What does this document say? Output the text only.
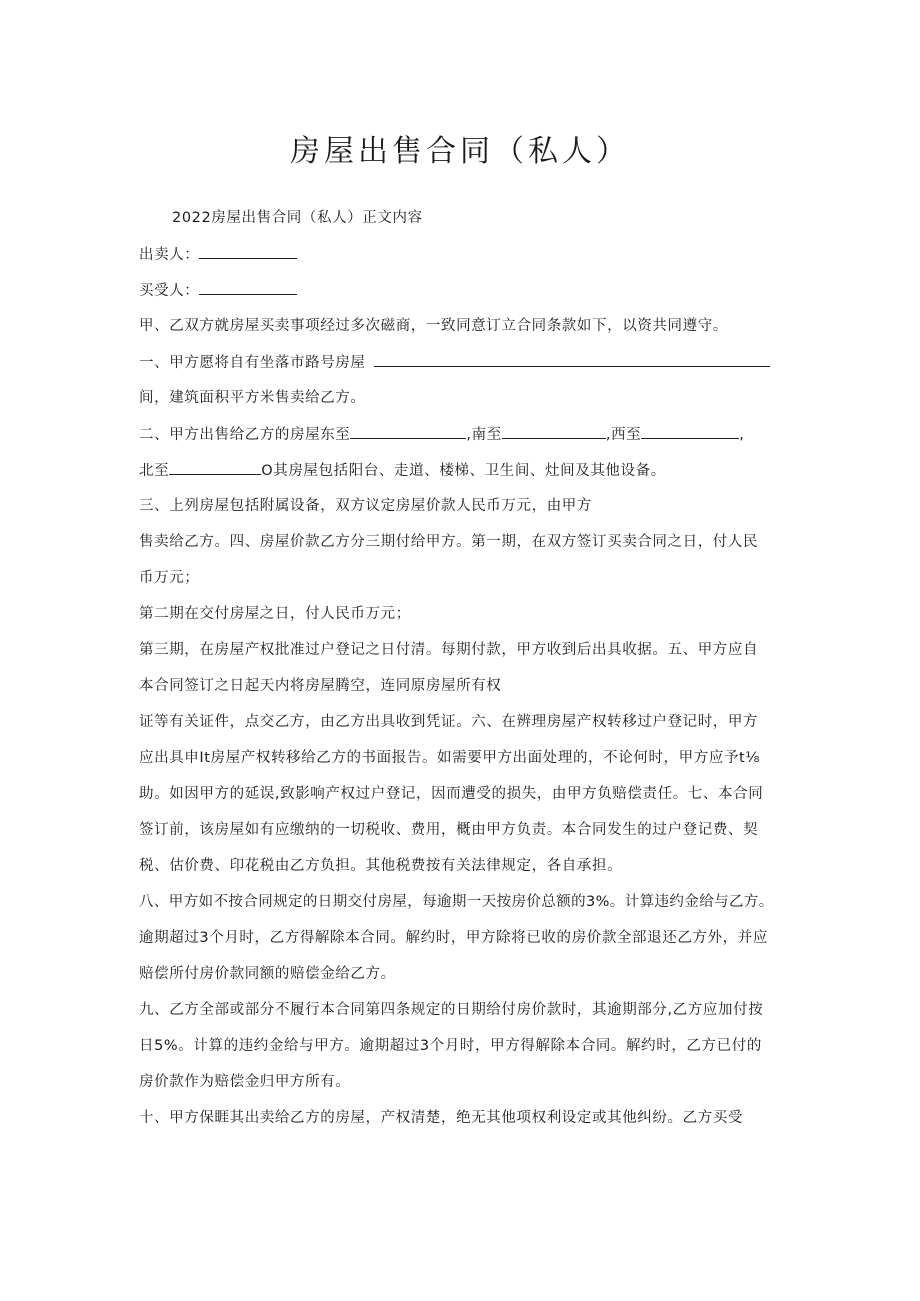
房屋出售合同（私人）
2022房屋出售合同（私人）正文内容
出卖人：
买受人：
甲、乙双方就房屋买卖事项经过多次磁商，一致同意订立合同条款如下，以资共同遵守。
一、甲方愿将自有坐落市路号房屋
间，建筑面积平方米售卖给乙方。
二、甲方出售给乙方的房屋东至	,南至	,西至	,
北至	O其房屋包括阳台、走道、楼梯、卫生间、灶间及其他设备。
三、上列房屋包括附属设备，双方议定房屋价款人民币万元，由甲方
售卖给乙方。四、房屋价款乙方分三期付给甲方。第一期，在双方签订买卖合同之日，付人民
币万元；
第二期在交付房屋之日，付人民币万元；
第三期，在房屋产权批准过户登记之日付清。每期付款，甲方收到后出具收据。五、甲方应自
本合同签订之日起天内将房屋腾空，连同原房屋所有权
证等有关证件，点交乙方，由乙方出具收到凭证。六、在辨理房屋产权转移过户登记时，甲方
应出具申It房屋产权转移给乙方的书面报告。如需要甲方出面处理的，不论何时，甲方应予t⅛
助。如因甲方的延误,致影响产权过户登记，因而遭受的损失，由甲方负赔偿责任。七、本合同
签订前，该房屋如有应缴纳的一切税收、费用，概由甲方负责。本合同发生的过户登记费、契
税、估价费、印花税由乙方负担。其他税费按有关法律规定，各自承担。
八、甲方如不按合同规定的日期交付房屋，每逾期一天按房价总额的3%。计算违约金给与乙方。
逾期超过3个月时，乙方得解除本合同。解约时，甲方除将已收的房价款全部退还乙方外，并应
赔偿所付房价款同额的赔偿金给乙方。
九、乙方全部或部分不履行本合同第四条规定的日期给付房价款时，其逾期部分,乙方应加付按
日5%。计算的违约金给与甲方。逾期超过3个月时，甲方得解除本合同。解约时，乙方已付的
房价款作为赔偿金归甲方所有。
十、甲方保睚其出卖给乙方的房屋，产权清楚，绝无其他项权利设定或其他纠纷。乙方买受
